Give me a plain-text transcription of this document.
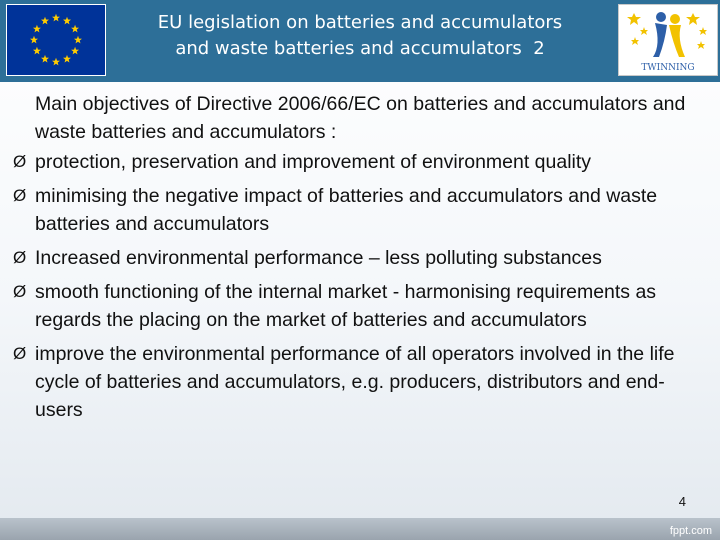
EU legislation on batteries and accumulators
and waste batteries and accumulators  2
TWINNING
Main objectives of Directive 2006/66/EC on batteries and accumulators and waste batteries and accumulators :
Ø protection, preservation and improvement of environment quality
Ø minimising the negative impact of batteries and accumulators and waste batteries and accumulators
Ø Increased environmental performance – less polluting substances
Ø smooth functioning of the internal market - harmonising requirements as regards the placing on the market of batteries and accumulators
Ø improve the environmental performance of all operators involved in the life cycle of batteries and accumulators, e.g. producers, distributors and end-users
4
fppt.com
